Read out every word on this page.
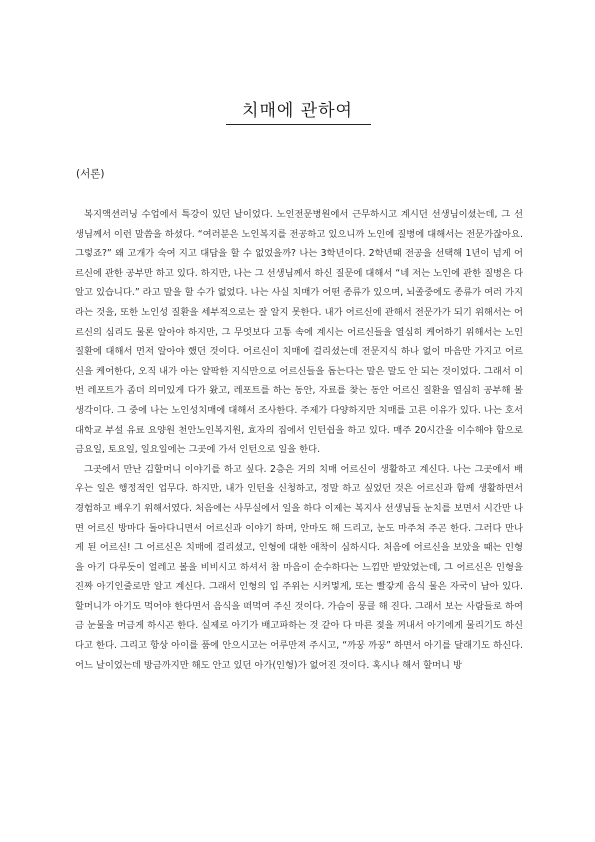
치매에 관하여
(서론)

복지액션러닝 수업에서 특강이 있던 날이었다. 노인전문병원에서 근무하시고 계시던 선생님이셨는데, 그 선생님께서 이런 말씀을 하셨다. “여러분은 노인복지를 전공하고 있으니까 노인에 질병에 대해서는 전문가잖아요. 그렇죠?” 왜 고개가 숙여 지고 대답을 할 수 없었을까? 나는 3학년이다. 2학년때 전공을 선택해 1년이 넘게 어르신에 관한 공부만 하고 있다. 하지만, 나는 그 선생님께서 하신 질문에 대해서 “네 저는 노인에 관한 질병은 다 알고 있습니다.” 라고 말을 할 수가 없었다. 나는 사실 치매가 어떤 종류가 있으며, 뇌졸중에도 종류가 여러 가지라는 것을, 또한 노인성 질환을 세부적으로는 잘 알지 못한다. 내가 어르신에 관해서 전문가가 되기 위해서는 어르신의 심리도 물론 알아야 하지만, 그 무엇보다 고통 속에 계시는 어르신들을 열심히 케어하기 위해서는 노인질환에 대해서 먼저 알아야 했던 것이다. 어르신이 치매에 걸리셨는데 전문지식 하나 없이 마음만 가지고 어르신을 케어한다, 오직 내가 아는 얄팍한 지식만으로 어르신들을 돕는다는 말은 말도 안 되는 것이었다. 그래서 이번 레포트가 좀더 의미있게 다가 왔고, 레포트를 하는 동안, 자료를 찾는 동안 어르신 질환을 열심히 공부해 볼 생각이다. 그 중에 나는 노인성치매에 대해서 조사한다. 주제가 다양하지만 치매를 고른 이유가 있다. 나는 호서대학교 부설 유료 요양원 천안노인복지원, 효자의 집에서 인턴쉽을 하고 있다. 매주 20시간을 이수해야 함으로 금요일, 토요일, 일요일에는 그곳에 가서 인턴으로 일을 한다.

그곳에서 만난 김할머니 이야기를 하고 싶다. 2층은 거의 치매 어르신이 생활하고 계신다. 나는 그곳에서 배우는 일은 행정적인 업무다. 하지만, 내가 인턴을 신청하고, 정말 하고 싶었던 것은 어르신과 함께 생활하면서 경험하고 배우기 위해서였다. 처음에는 사무실에서 일을 하다 이제는 복지사 선생님들 눈치를 보면서 시간만 나면 어르신 방마다 돌아다니면서 어르신과 이야기 하며, 안마도 해 드리고, 눈도 마주쳐 주곤 한다. 그러다 만나게 된 어르신! 그 어르신은 치매에 걸리셨고, 인형에 대한 애착이 심하시다. 처음에 어르신을 보았을 때는 인형을 아기 다루듯이 얼레고 볼을 비비시고 하셔서 참 마음이 순수하다는 느낌만 받았었는데, 그 어르신은 인형을 진짜 아기인줄로만 알고 계신다. 그래서 인형의 입 주위는 시커멓게, 또는 빨갛게 음식 물은 자국이 남아 있다. 할머니가 아기도 먹어야 한다면서 음식을 떠먹여 주신 것이다. 가슴이 뭉클 해 진다. 그래서 보는 사람들로 하여금 눈물을 머금게 하시곤 한다. 실제로 아기가 배고파하는 것 같아 다 마른 젖을 꺼내서 아기에게 물리기도 하신다고 한다. 그리고 항상 아이를 품에 안으시고는 어루만져 주시고, “까꿍 까꿍” 하면서 아기를 달래기도 하신다. 어느 날이었는데 방금까지만 해도 안고 있던 아가(인형)가 없어진 것이다. 혹시나 해서 할머니 방
